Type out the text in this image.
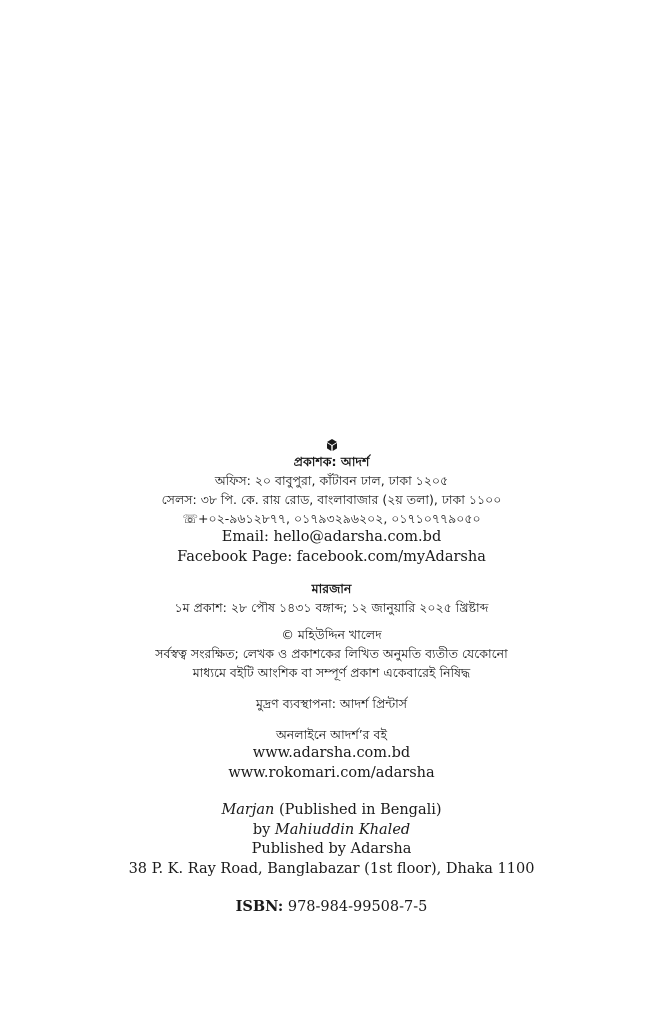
প্রকাশক: আদর্শ
অফিস: ২০ বাবুপুরা, কাঁটাবন ঢাল, ঢাকা ১২০৫
সেলস: ৩৮ পি. কে. রায় রোড, বাংলাবাজার (২য় তলা), ঢাকা ১১০০
☏+০২-৯৬১২৮৭৭, ০১৭৯৩২৯৬২০২, ০১৭১০৭৭৯০৫০
Email: hello@adarsha.com.bd
Facebook Page: facebook.com/myAdarsha
মারজান
১ম প্রকাশ: ২৮ পৌষ ১৪৩১ বঙ্গাব্দ; ১২ জানুয়ারি ২০২৫ খ্রিষ্টাব্দ
© মহিউদ্দিন খালেদ
সর্বস্বত্ব সংরক্ষিত; লেখক ও প্রকাশকের লিখিত অনুমতি ব্যতীত যেকোনো
মাধ্যমে বইটি আংশিক বা সম্পূর্ণ প্রকাশ একেবারেই নিষিদ্ধ
মুদ্রণ ব্যবস্থাপনা: আদর্শ প্রিন্টার্স
অনলাইনে আদর্শ’র বই
www.adarsha.com.bd
www.rokomari.com/adarsha
Marjan (Published in Bengali)
by Mahiuddin Khaled
Published by Adarsha
38 P. K. Ray Road, Banglabazar (1st floor), Dhaka 1100
ISBN: 978-984-99508-7-5
